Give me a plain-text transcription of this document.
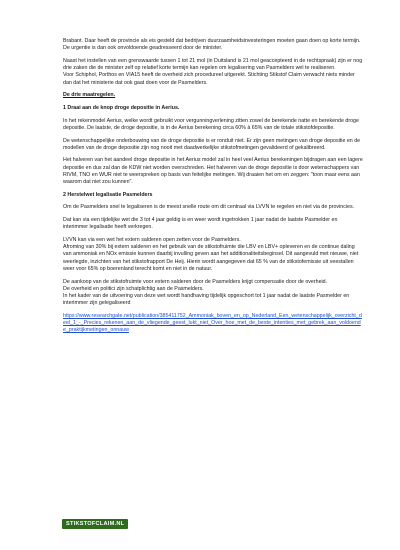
Brabant. Daar heeft de provincie als eis gesteld dat bedrijven duurzaamheidsinvesteringen moeten gaan doen op korte termijn.

De urgentie is dan ook onvoldoende geadresseerd door de minister.

Naast het instellen van een grenswaarde tussen 1 tot 21 mol (in Duitsland is 21 mol geaccepteerd in de rechtspraak) zijn er nog drie zaken die de minister zelf op relatief korte termijn kan regelen om legalisering van Pasmelders wel te realiseren.

Voor Schiphol, Porthos en VIA15 heeft de overheid zich procedureel uitgerekt. Stichting Stikstof Claim verwacht niets minder dan dat het ministerie dat ook gaat doen voor de Pasmelders.

De drie maatregelen.

1 Draai aan de knop droge depositie in Aerius.

In het rekenmodel Aerius, welke wordt gebruikt voor vergunningverlening zitten zowel de berekende natte en berekende droge depositie. De laatste, de droge depositie, is in de Aerius berekening circa 60% à 65% van de totale stikstofdepositie.

De wetenschappelijke onderbouwing van de droge depositie is er ronduit niet. Er zijn geen metingen van droge depositie en de modellen van de droge depositie zijn nog nooit met daadwerkelijke stikstofmetingen gevalideerd of gekalibreerd.

Het halveren van het aandeel droge depositie in het Aerius model zal in heel veel Aerius berekeningen bijdragen aan een lagere depositie en dus zal dan de KDW niet worden overschreden. Het halveren van de droge depositie is door wetenschappers van RIVM, TNO en WUR niet te weerspreken op basis van feitelijke metingen. Wij draaien het om en zeggen: "toon maar eens aan waarom dat niet zou kunnen".

2 Herstelwet legalisatie Pasmelders

Om de Pasmelders snel te legaliseren is de meest snelle route om dit centraal via LVVN te regelen en niet via de provincies.

Dat kan via een tijdelijke wet die 3 tot 4 jaar geldig is en weer wordt ingetrokken 1 jaar nadat de laatste Pasmelder en interimmer legalisatie heeft verkregen.

LVVN kan via een wet het extern salderen open zetten voor de Pasmelders.

Afroming van 30% bij extern salderen en het gebruik van de stikstofruimte die LBV en LBV+ opleveren en de continue daling van ammoniak en NOx emissie kunnen daarbij invulling geven aan het additionaliteitsbeginsel. Dit aangevuld met nieuwe, niet weerlegde, inzichten van het stikstofrapport De Heij. Hierin wordt aangegeven dat 65 % van de stikstofemissie uit veestallen weer voor 65% op boerenland terecht komt en niet in de natuur.

De aankoop van de stikstofruimte voor extern salderen door de Pasmelders krijgt compensatie door de overheid.

De overheid en politici zijn schatplichtig aan de Pasmelders.

In het kader van de uitvoering van deze wet wordt handhaving tijdelijk opgeschort tot 1 jaar nadat de laatste Pasmelder en interimmer zijn gelegaliseerd

https://www.researchgate.net/publication/385411752_Ammoniak_boven_en_op_Nederland_Een_wetenschappelijk_overzicht_deel_1_-_Precies_rekenen_aan_de_vliegende_geest_lukt_niet_Over_hoe_met_de_beste_intenties_met_gebrek_aan_voldoende_praktijkmetingen_onnauw
STIKSTOFCLAIM.NL
